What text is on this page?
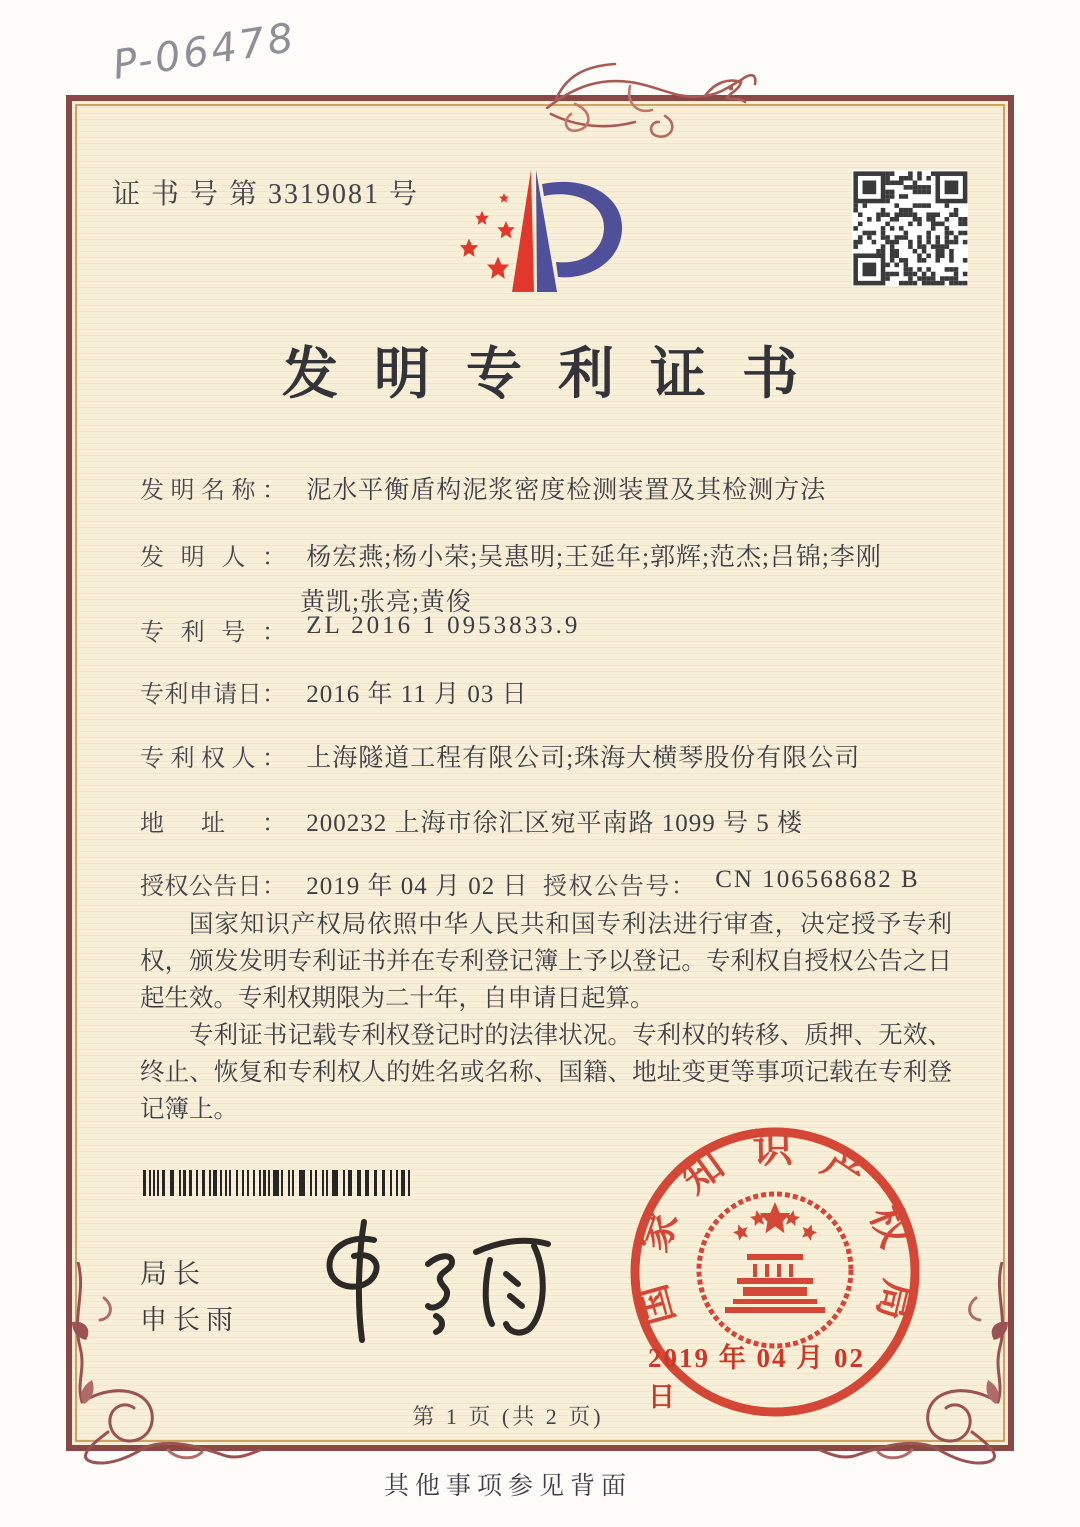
P-06478
证 书 号 第 3319081 号
发明专利证书
发明名称： 泥水平衡盾构泥浆密度检测装置及其检测方法
发明人： 杨宏燕;杨小荣;吴惠明;王延年;郭辉;范杰;吕锦;李刚 黄凯;张亮;黄俊
专利号： ZL 2016 1 0953833.9
专利申请日： 2016 年 11 月 03 日
专利权人： 上海隧道工程有限公司;珠海大横琴股份有限公司
地址： 200232 上海市徐汇区宛平南路 1099 号 5 楼
授权公告日： 2019 年 04 月 02 日 授权公告号： CN 106568682 B

国家知识产权局依照中华人民共和国专利法进行审查，决定授予专利权，颁发发明专利证书并在专利登记簿上予以登记。专利权自授权公告之日起生效。专利权期限为二十年，自申请日起算。

专利证书记载专利权登记时的法律状况。专利权的转移、质押、无效、终止、恢复和专利权人的姓名或名称、国籍、地址变更等事项记载在专利登记簿上。

局长
申长雨	国家知识产权局
2019 年 04 月 02 日
第 1 页 (共 2 页)
其他事项参见背面
